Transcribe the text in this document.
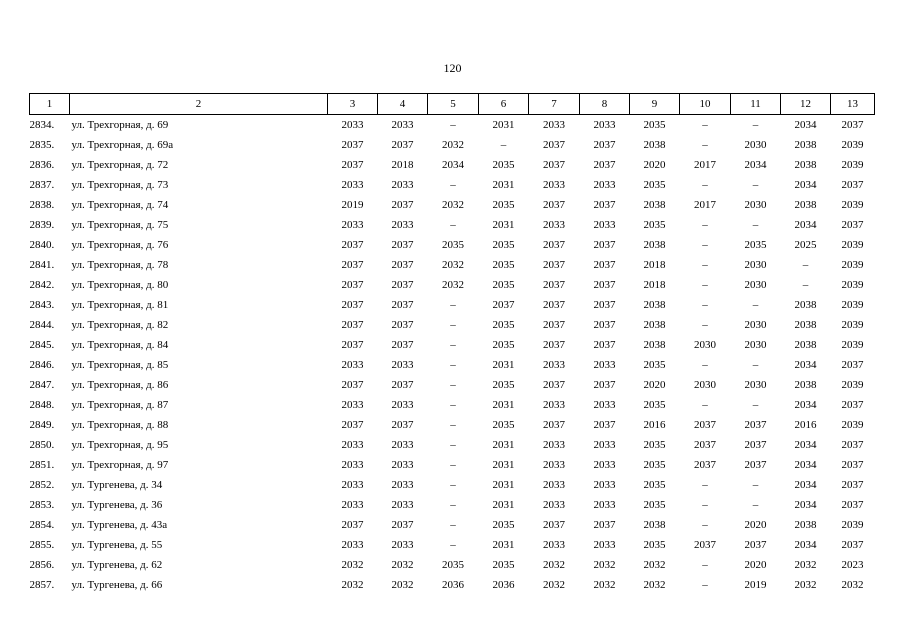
120
1	2	3	4	5	6	7	8	9	10	11	12	13
2834.	ул. Трехгорная, д. 69	2033	2033	–	2031	2033	2033	2035	–	–	2034	2037
2835.	ул. Трехгорная, д. 69а	2037	2037	2032	–	2037	2037	2038	–	2030	2038	2039
2836.	ул. Трехгорная, д. 72	2037	2018	2034	2035	2037	2037	2020	2017	2034	2038	2039
2837.	ул. Трехгорная, д. 73	2033	2033	–	2031	2033	2033	2035	–	–	2034	2037
2838.	ул. Трехгорная, д. 74	2019	2037	2032	2035	2037	2037	2038	2017	2030	2038	2039
2839.	ул. Трехгорная, д. 75	2033	2033	–	2031	2033	2033	2035	–	–	2034	2037
2840.	ул. Трехгорная, д. 76	2037	2037	2035	2035	2037	2037	2038	–	2035	2025	2039
2841.	ул. Трехгорная, д. 78	2037	2037	2032	2035	2037	2037	2018	–	2030	–	2039
2842.	ул. Трехгорная, д. 80	2037	2037	2032	2035	2037	2037	2018	–	2030	–	2039
2843.	ул. Трехгорная, д. 81	2037	2037	–	2037	2037	2037	2038	–	–	2038	2039
2844.	ул. Трехгорная, д. 82	2037	2037	–	2035	2037	2037	2038	–	2030	2038	2039
2845.	ул. Трехгорная, д. 84	2037	2037	–	2035	2037	2037	2038	2030	2030	2038	2039
2846.	ул. Трехгорная, д. 85	2033	2033	–	2031	2033	2033	2035	–	–	2034	2037
2847.	ул. Трехгорная, д. 86	2037	2037	–	2035	2037	2037	2020	2030	2030	2038	2039
2848.	ул. Трехгорная, д. 87	2033	2033	–	2031	2033	2033	2035	–	–	2034	2037
2849.	ул. Трехгорная, д. 88	2037	2037	–	2035	2037	2037	2016	2037	2037	2016	2039
2850.	ул. Трехгорная, д. 95	2033	2033	–	2031	2033	2033	2035	2037	2037	2034	2037
2851.	ул. Трехгорная, д. 97	2033	2033	–	2031	2033	2033	2035	2037	2037	2034	2037
2852.	ул. Тургенева, д. 34	2033	2033	–	2031	2033	2033	2035	–	–	2034	2037
2853.	ул. Тургенева, д. 36	2033	2033	–	2031	2033	2033	2035	–	–	2034	2037
2854.	ул. Тургенева, д. 43а	2037	2037	–	2035	2037	2037	2038	–	2020	2038	2039
2855.	ул. Тургенева, д. 55	2033	2033	–	2031	2033	2033	2035	2037	2037	2034	2037
2856.	ул. Тургенева, д. 62	2032	2032	2035	2035	2032	2032	2032	–	2020	2032	2023
2857.	ул. Тургенева, д. 66	2032	2032	2036	2036	2032	2032	2032	–	2019	2032	2032
